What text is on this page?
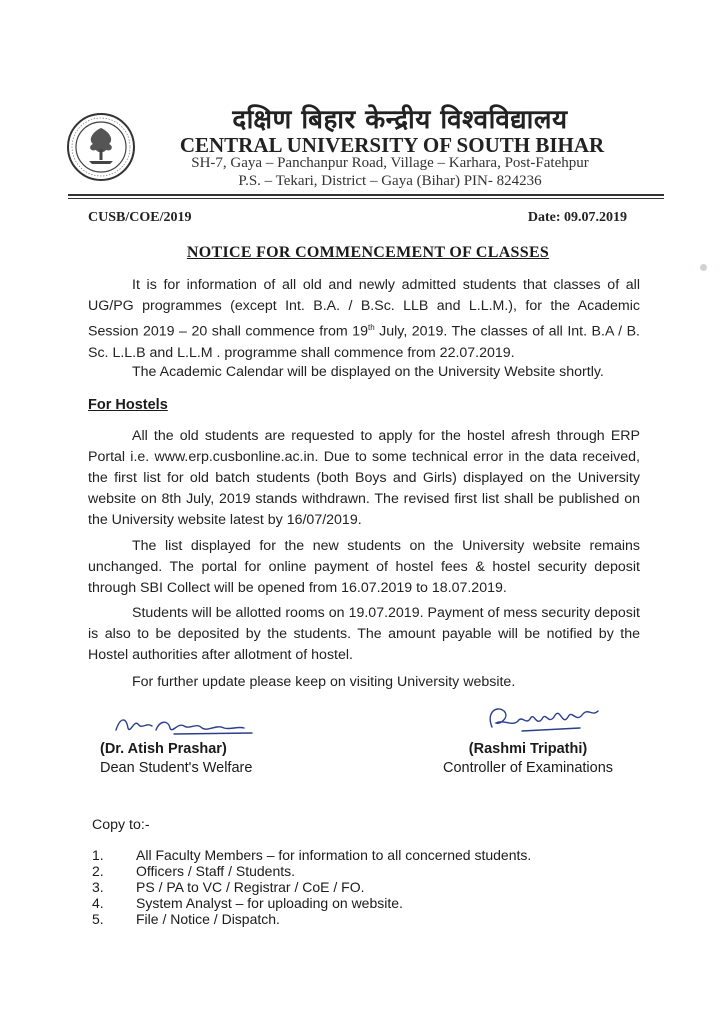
दक्षिण बिहार केन्द्रीय विश्वविद्यालय
CENTRAL UNIVERSITY OF SOUTH BIHAR
SH-7, Gaya – Panchanpur Road, Village – Karhara, Post-Fatehpur
P.S. – Tekari, District – Gaya (Bihar) PIN- 824236
CUSB/COE/2019	Date: 09.07.2019
NOTICE FOR COMMENCEMENT OF CLASSES
It is for information of all old and newly admitted students that classes of all UG/PG programmes (except Int. B.A. / B.Sc. LLB and L.L.M.), for the Academic Session 2019 – 20 shall commence from 19th July, 2019. The classes of all Int. B.A / B. Sc. L.L.B and L.L.M . programme shall commence from 22.07.2019.
The Academic Calendar will be displayed on the University Website shortly.
For Hostels
All the old students are requested to apply for the hostel afresh through ERP Portal i.e. www.erp.cusbonline.ac.in. Due to some technical error in the data received, the first list for old batch students (both Boys and Girls) displayed on the University website on 8th July, 2019 stands withdrawn. The revised first list shall be published on the University website latest by 16/07/2019.
The list displayed for the new students on the University website remains unchanged. The portal for online payment of hostel fees & hostel security deposit through SBI Collect will be opened from 16.07.2019 to 18.07.2019.
Students will be allotted rooms on 19.07.2019. Payment of mess security deposit is also to be deposited by the students. The amount payable will be notified by the Hostel authorities after allotment of hostel.
For further update please keep on visiting University website.
(Dr. Atish Prashar)
Dean Student's Welfare
(Rashmi Tripathi)
Controller of Examinations
Copy to:-
1.	All Faculty Members – for information to all concerned students.
2.	Officers / Staff / Students.
3.	PS / PA to VC / Registrar / CoE / FO.
4.	System Analyst – for uploading on website.
5.	File / Notice / Dispatch.
